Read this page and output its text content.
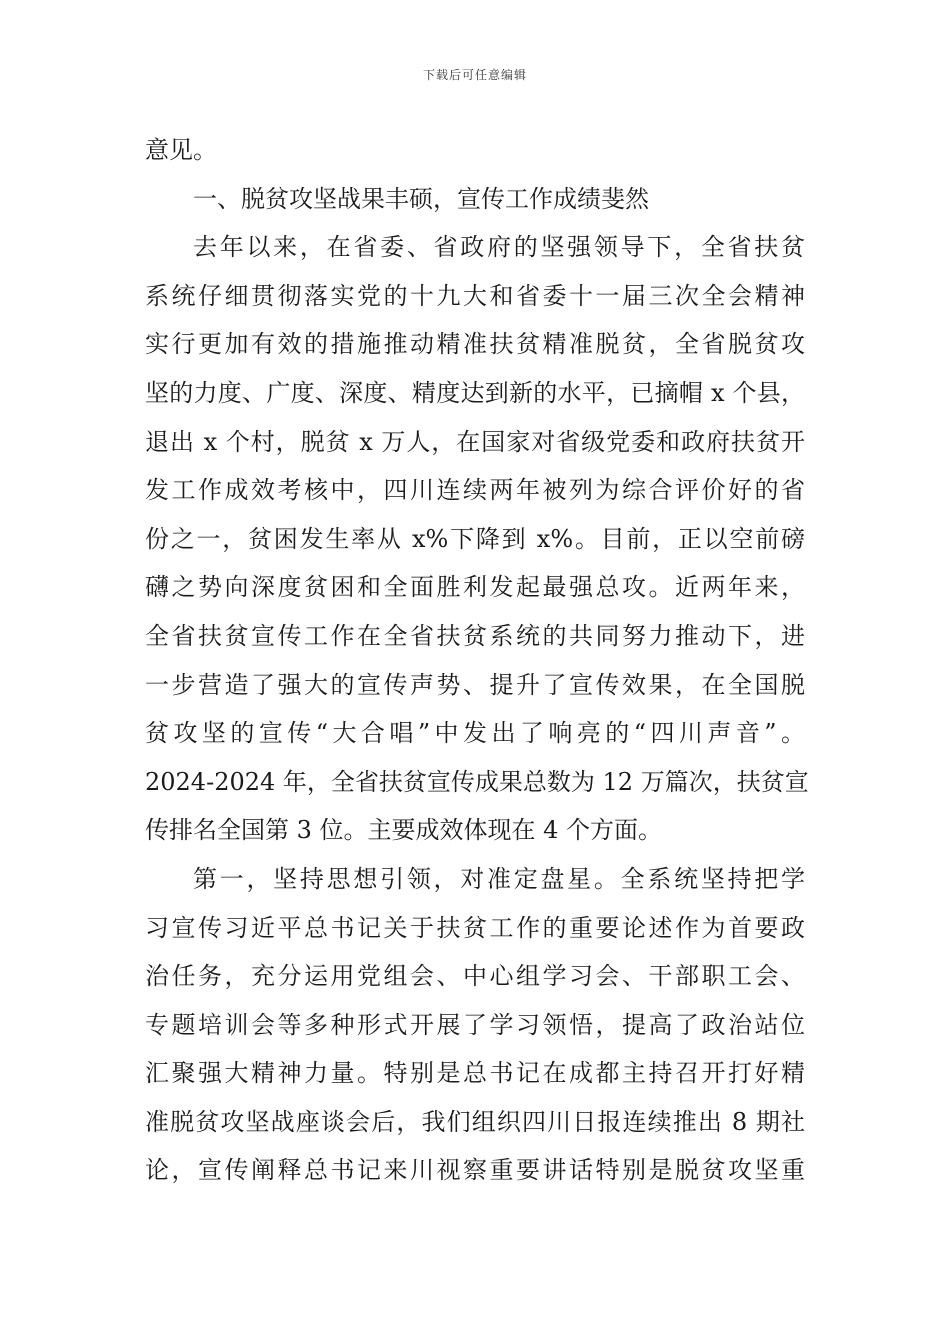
下载后可任意编辑
意见。
一、脱贫攻坚战果丰硕，宣传工作成绩斐然
去年以来，在省委、省政府的坚强领导下，全省扶贫
系统仔细贯彻落实党的十九大和省委十一届三次全会精神
实行更加有效的措施推动精准扶贫精准脱贫，全省脱贫攻
坚的力度、广度、深度、精度达到新的水平，已摘帽 x 个县，
退出 x 个村，脱贫 x 万人，在国家对省级党委和政府扶贫开
发工作成效考核中，四川连续两年被列为综合评价好的省
份之一，贫困发生率从 x%下降到 x%。目前，正以空前磅
礴之势向深度贫困和全面胜利发起最强总攻。近两年来，
全省扶贫宣传工作在全省扶贫系统的共同努力推动下，进
一步营造了强大的宣传声势、提升了宣传效果，在全国脱
贫攻坚的宣传“大合唱”中发出了响亮的“四川声音”。
2024-2024 年，全省扶贫宣传成果总数为 12 万篇次，扶贫宣
传排名全国第 3 位。主要成效体现在 4 个方面。
第一，坚持思想引领，对准定盘星。全系统坚持把学
习宣传习近平总书记关于扶贫工作的重要论述作为首要政
治任务，充分运用党组会、中心组学习会、干部职工会、
专题培训会等多种形式开展了学习领悟，提高了政治站位
汇聚强大精神力量。特别是总书记在成都主持召开打好精
准脱贫攻坚战座谈会后，我们组织四川日报连续推出 8 期社
论，宣传阐释总书记来川视察重要讲话特别是脱贫攻坚重
